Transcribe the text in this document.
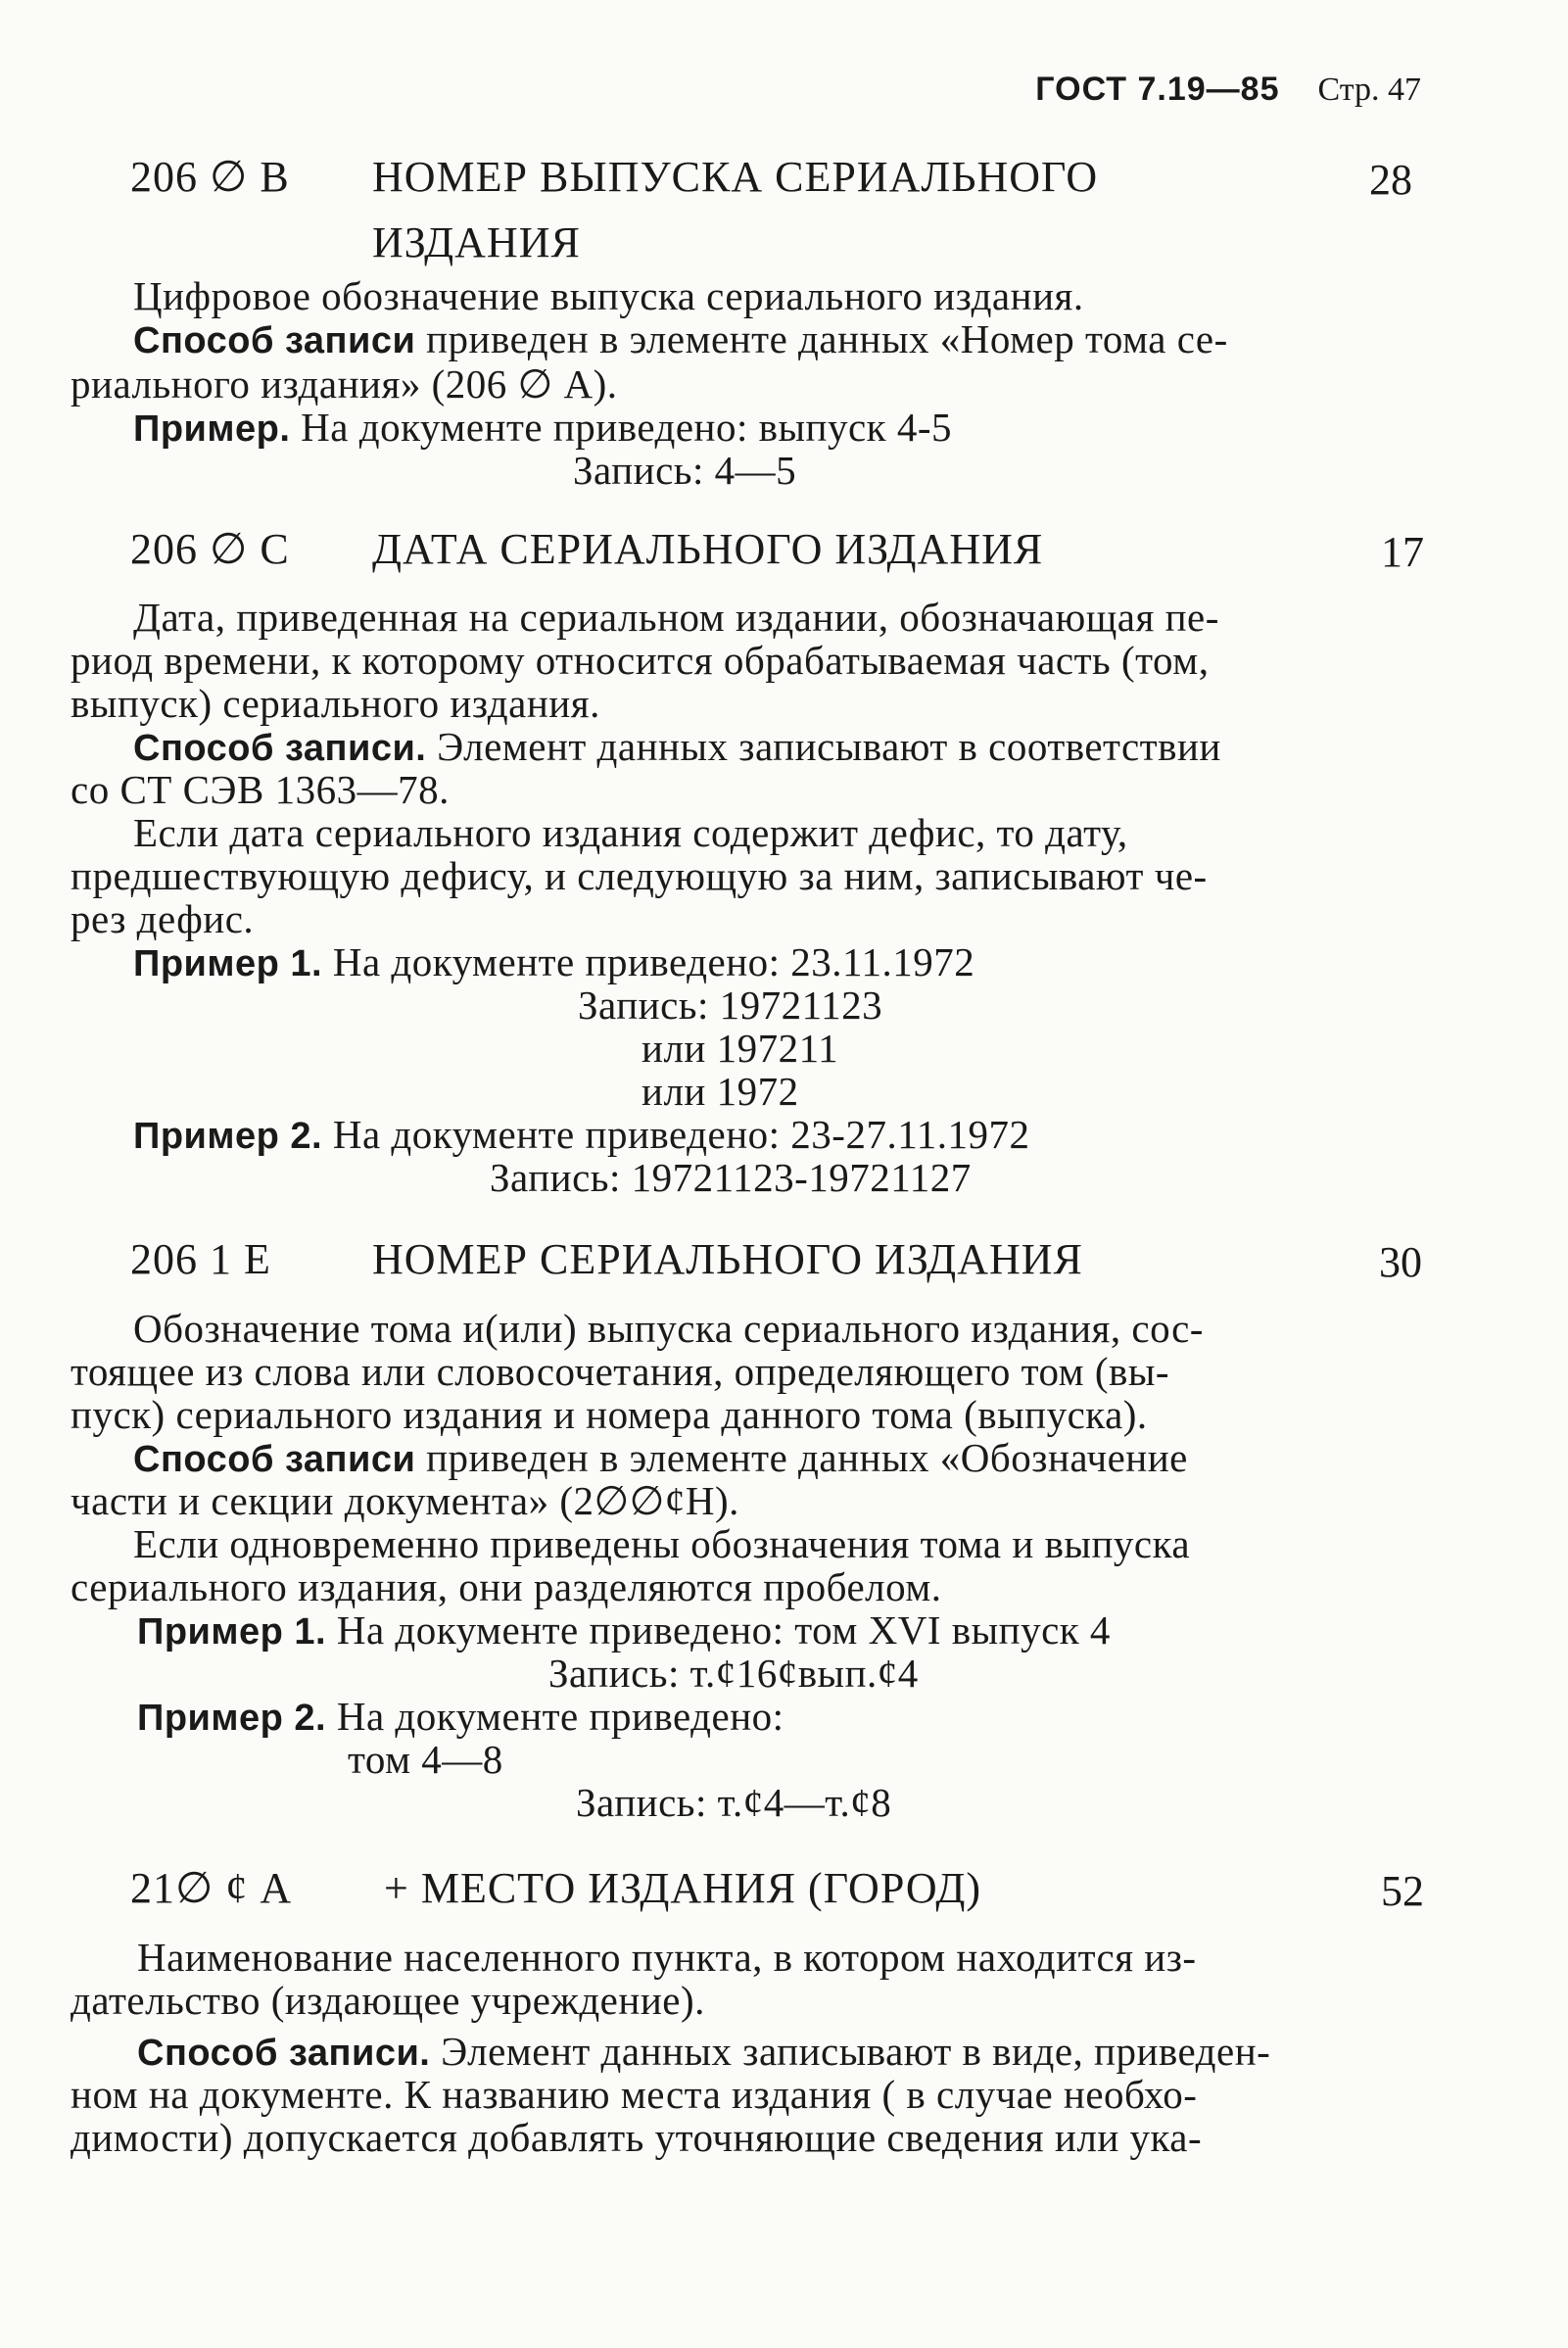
ГОСТ 7.19—85 Стр. 47
206 ∅ В НОМЕР ВЫПУСКА СЕРИАЛЬНОГО	28
ИЗДАНИЯ
Цифровое обозначение выпуска сериального издания.
Способ записи приведен в элементе данных «Номер тома се-
риального издания» (206 ∅ А).
Пример. На документе приведено: выпуск 4-5
Запись: 4—5
206 ∅ С ДАТА СЕРИАЛЬНОГО ИЗДАНИЯ	17
Дата, приведенная на сериальном издании, обозначающая пе-
риод времени, к которому относится обрабатываемая часть (том,
выпуск) сериального издания.
Способ записи. Элемент данных записывают в соответствии
со СТ СЭВ 1363—78.
Если дата сериального издания содержит дефис, то дату,
предшествующую дефису, и следующую за ним, записывают че-
рез дефис.
Пример 1. На документе приведено: 23.11.1972
Запись: 19721123
или 197211
или 1972
Пример 2. На документе приведено: 23-27.11.1972
Запись: 19721123-19721127
206 1 Е НОМЕР СЕРИАЛЬНОГО ИЗДАНИЯ	30
Обозначение тома и(или) выпуска сериального издания, сос-
тоящее из слова или словосочетания, определяющего том (вы-
пуск) сериального издания и номера данного тома (выпуска).
Способ записи приведен в элементе данных «Обозначение
части и секции документа» (2∅∅¢Н).
Если одновременно приведены обозначения тома и выпуска
сериального издания, они разделяются пробелом.
Пример 1. На документе приведено: том XVI выпуск 4
Запись: т.¢16¢вып.¢4
Пример 2. На документе приведено:
том 4—8
Запись: т.¢4—т.¢8
21∅ ¢ А + МЕСТО ИЗДАНИЯ (ГОРОД)	52
Наименование населенного пункта, в котором находится из-
дательство (издающее учреждение).
Способ записи. Элемент данных записывают в виде, приведен-
ном на документе. К названию места издания ( в случае необхо-
димости) допускается добавлять уточняющие сведения или ука-
